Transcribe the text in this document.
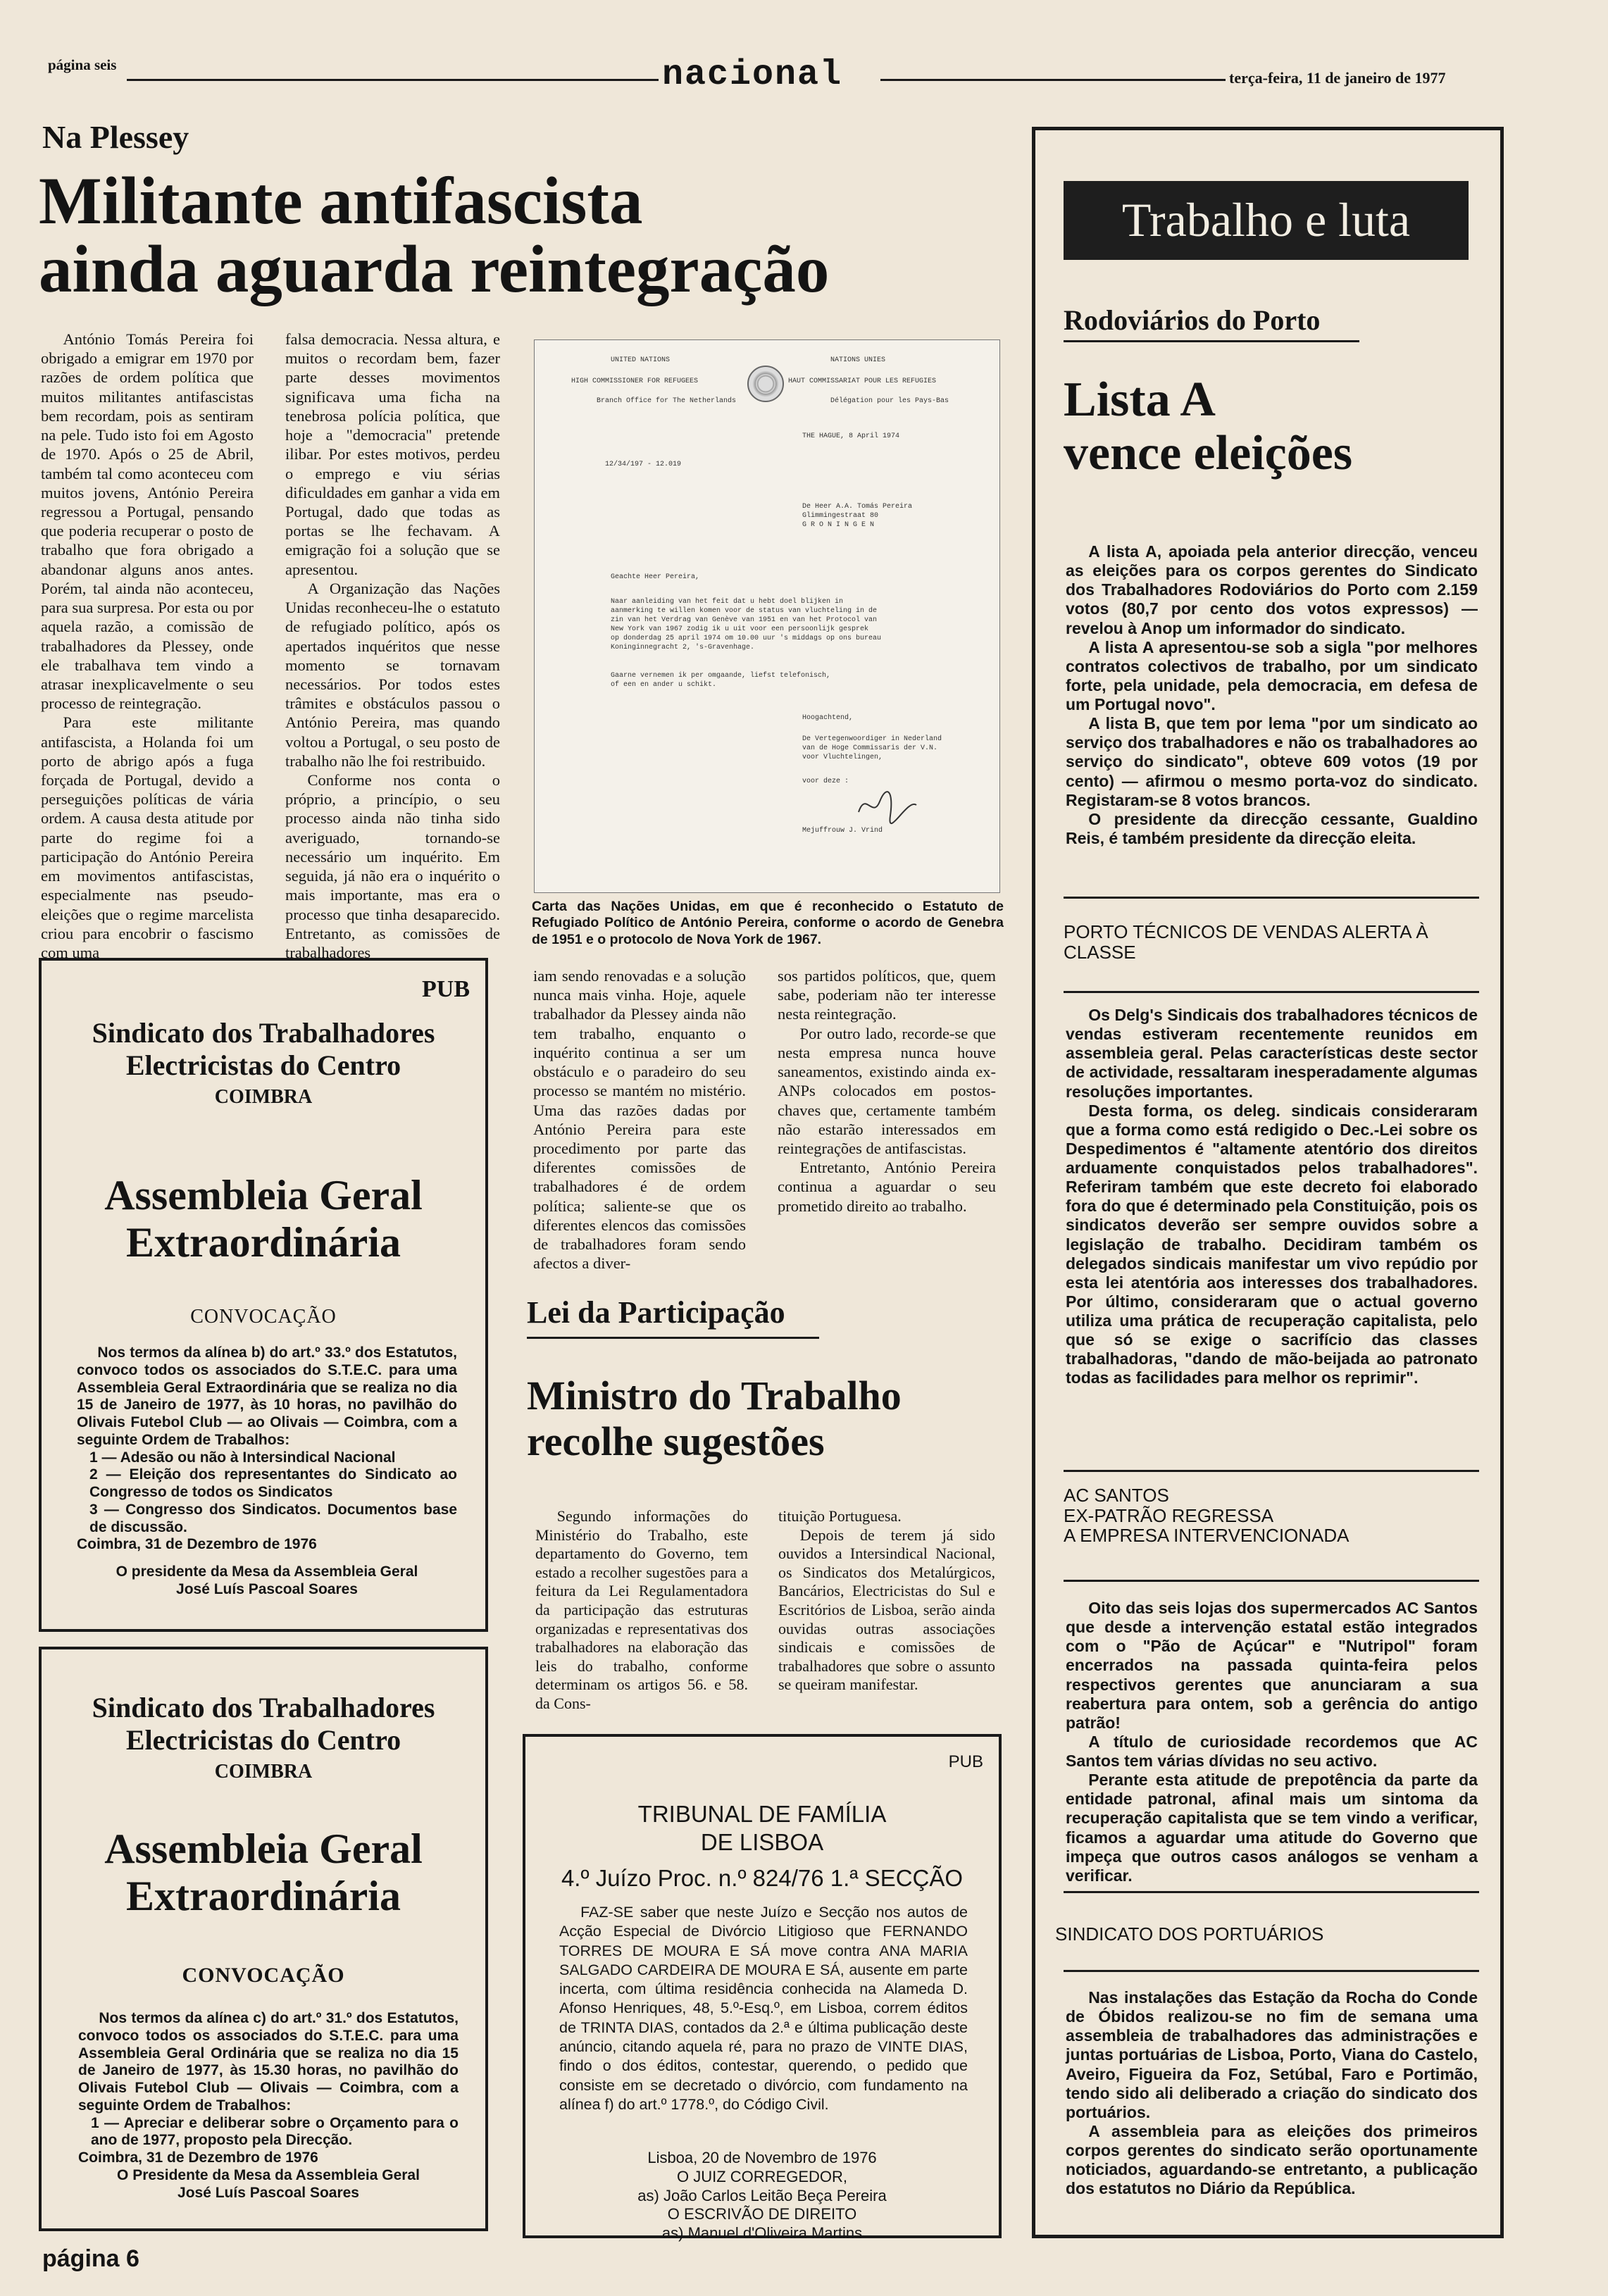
página seis	nacional	terça-feira, 11 de janeiro de 1977
Na Plessey
Militante antifascista
ainda aguarda reintegração

António Tomás Pereira foi obrigado a emigrar em 1970 por razões de ordem política que muitos militantes antifascistas bem recordam, pois as sentiram na pele. Tudo isto foi em Agosto de 1970. Após o 25 de Abril, também tal como aconteceu com muitos jovens, António Pereira regressou a Portugal, pensando que poderia recuperar o posto de trabalho que fora obrigado a abandonar alguns anos antes. Porém, tal ainda não aconteceu, para sua surpresa. Por esta ou por aquela razão, a comissão de trabalhadores da Plessey, onde ele trabalhava tem vindo a atrasar inexplicavelmente o seu processo de reintegração.

Para este militante antifascista, a Holanda foi um porto de abrigo após a fuga forçada de Portugal, devido a perseguições políticas de vária ordem. A causa desta atitude por parte do regime foi a participação do António Pereira em movimentos antifascistas, especialmente nas pseudo-eleições que o regime marcelista criou para encobrir o fascismo com uma

falsa democracia. Nessa altura, e muitos o recordam bem, fazer parte desses movimentos significava uma ficha na tenebrosa polícia política, que hoje a "democracia" pretende ilibar. Por estes motivos, perdeu o emprego e viu sérias dificuldades em ganhar a vida em Portugal, dado que todas as portas se lhe fechavam. A emigração foi a solução que se apresentou.

A Organização das Nações Unidas reconheceu-lhe o estatuto de refugiado político, após os apertados inquéritos que nesse momento se tornavam necessários. Por todos estes trâmites e obstáculos passou o António Pereira, mas quando voltou a Portugal, o seu posto de trabalho não lhe foi restribuido.

Conforme nos conta o próprio, a princípio, o seu processo ainda não tinha sido averiguado, tornando-se necessário um inquérito. Em seguida, já não era o inquérito o mais importante, mas era o processo que tinha desaparecido. Entretanto, as comissões de trabalhadores

UNITED NATIONS	NATIONS UNIES
HIGH COMMISSIONER FOR REFUGEES	HAUT COMMISSARIAT POUR LES REFUGIES
Branch Office for The Netherlands	Délégation pour les Pays-Bas
THE HAGUE, 8 April 1974
12/34/197 - 12.019
De Heer A.A. Tomás Pereira
Glimmingestraat 80
G R O N I N G E N
Geachte Heer Pereira,
Naar aanleiding van het feit dat u hebt doel blijken in
aanmerking te willen komen voor de status van vluchteling in de
zin van het Verdrag van Genève van 1951 en van het Protocol van
New York van 1967 zodig ik u uit voor een persoonlijk gesprek
op donderdag 25 april 1974 om 10.00 uur 's middags op ons bureau
Koninginnegracht 2, 's-Gravenhage.
Gaarne vernemen ik per omgaande, liefst telefonisch,
of een en ander u schikt.
Hoogachtend,
De Vertegenwoordiger in Nederland
van de Hoge Commissaris der V.N.
voor Vluchtelingen,
voor deze :
Mejuffrouw J. Vrind
Carta das Nações Unidas, em que é reconhecido o Estatuto de Refugiado Político de António Pereira, conforme o acordo de Genebra de 1951 e o protocolo de Nova York de 1967.

iam sendo renovadas e a solução nunca mais vinha. Hoje, aquele trabalhador da Plessey ainda não tem trabalho, enquanto o inquérito continua a ser um obstáculo e o paradeiro do seu processo se mantém no mistério. Uma das razões dadas por António Pereira para este procedimento por parte das diferentes comissões de trabalhadores é de ordem política; saliente-se que os diferentes elencos das comissões de trabalhadores foram sendo afectos a diver-

sos partidos políticos, que, quem sabe, poderiam não ter interesse nesta reintegração.

Por outro lado, recorde-se que nesta empresa nunca houve saneamentos, existindo ainda ex-ANPs colocados em postos-chaves que, certamente também não estarão interessados em reintegrações de antifascistas.

Entretanto, António Pereira continua a aguardar o seu prometido direito ao trabalho.

PUB
Sindicato dos Trabalhadores
Electricistas do Centro
COIMBRA
Assembleia Geral
Extraordinária
CONVOCAÇÃO

Nos termos da alínea b) do art.º 33.º dos Estatutos, convoco todos os associados do S.T.E.C. para uma Assembleia Geral Extraordinária que se realiza no dia 15 de Janeiro de 1977, às 10 horas, no pavilhão do Olivais Futebol Club — ao Olivais — Coimbra, com a seguinte Ordem de Trabalhos:

1 — Adesão ou não à Intersindical Nacional
2 — Eleição dos representantes do Sindicato ao Congresso de todos os Sindicatos
3 — Congresso dos Sindicatos. Documentos base de discussão.
Coimbra, 31 de Dezembro de 1976
O presidente da Mesa da Assembleia Geral
José Luís Pascoal Soares
Sindicato dos Trabalhadores
Electricistas do Centro
COIMBRA
Assembleia Geral
Extraordinária
CONVOCAÇÃO

Nos termos da alínea c) do art.º 31.º dos Estatutos, convoco todos os associados do S.T.E.C. para uma Assembleia Geral Ordinária que se realiza no dia 15 de Janeiro de 1977, às 15.30 horas, no pavilhão do Olivais Futebol Club — Olivais — Coimbra, com a seguinte Ordem de Trabalhos:

1 — Apreciar e deliberar sobre o Orçamento para o ano de 1977, proposto pela Direcção.
Coimbra, 31 de Dezembro de 1976
O Presidente da Mesa da Assembleia Geral
José Luís Pascoal Soares
Lei da Participação
Ministro do Trabalho
recolhe sugestões

Segundo informações do Ministério do Trabalho, este departamento do Governo, tem estado a recolher sugestões para a feitura da Lei Regulamentadora da participação das estruturas organizadas e representativas dos trabalhadores na elaboração das leis do trabalho, conforme determinam os artigos 56. e 58. da Cons-

tituição Portuguesa.

Depois de terem já sido ouvidos a Intersindical Nacional, os Sindicatos dos Metalúrgicos, Bancários, Electricistas do Sul e Escritórios de Lisboa, serão ainda ouvidas outras associações sindicais e comissões de trabalhadores que sobre o assunto se queiram manifestar.

PUB
TRIBUNAL DE FAMÍLIA
DE LISBOA
4.º Juízo Proc. n.º 824/76 1.ª SECÇÃO
FAZ-SE saber que neste Juízo e Secção nos autos de Acção Especial de Divórcio Litigioso que FERNANDO TORRES DE MOURA E SÁ move contra ANA MARIA SALGADO CARDEIRA DE MOURA E SÁ, ausente em parte incerta, com última residência conhecida na Alameda D. Afonso Henriques, 48, 5.º-Esq.º, em Lisboa, correm éditos de TRINTA DIAS, contados da 2.ª e última publicação deste anúncio, citando aquela ré, para no prazo de VINTE DIAS, findo o dos éditos, contestar, querendo, o pedido que consiste em se decretado o divórcio, com fundamento na alínea f) do art.º 1778.º, do Código Civil.
Lisboa, 20 de Novembro de 1976
O JUIZ CORREGEDOR,
as) João Carlos Leitão Beça Pereira
O ESCRIVÃO DE DIREITO
as) Manuel d'Oliveira Martins
Trabalho e luta
Rodoviários do Porto
Lista A
vence eleições

A lista A, apoiada pela anterior direcção, venceu as eleições para os corpos gerentes do Sindicato dos Trabalhadores Rodoviários do Porto com 2.159 votos (80,7 por cento dos votos expressos) — revelou à Anop um informador do sindicato.

A lista A apresentou-se sob a sigla "por melhores contratos colectivos de trabalho, por um sindicato forte, pela unidade, pela democracia, em defesa de um Portugal novo".

A lista B, que tem por lema "por um sindicato ao serviço dos trabalhadores e não os trabalhadores ao serviço do sindicato", obteve 609 votos (19 por cento) — afirmou o mesmo porta-voz do sindicato. Registaram-se 8 votos brancos.

O presidente da direcção cessante, Gualdino Reis, é também presidente da direcção eleita.

PORTO TÉCNICOS DE VENDAS ALERTA À CLASSE

Os Delg's Sindicais dos trabalhadores técnicos de vendas estiveram recentemente reunidos em assembleia geral. Pelas características deste sector de actividade, ressaltaram inesperadamente algumas resoluções importantes.

Desta forma, os deleg. sindicais consideraram que a forma como está redigido o Dec.-Lei sobre os Despedimentos é "altamente atentório dos direitos arduamente conquistados pelos trabalhadores". Referiram também que este decreto foi elaborado fora do que é determinado pela Constituição, pois os sindicatos deverão ser sempre ouvidos sobre a legislação de trabalho. Decidiram também os delegados sindicais manifestar um vivo repúdio por esta lei atentória aos interesses dos trabalhadores. Por último, consideraram que o actual governo utiliza uma prática de recuperação capitalista, pelo que só se exige o sacrifício das classes trabalhadoras, "dando de mão-beijada ao patronato todas as facilidades para melhor os reprimir".

AC SANTOS
EX-PATRÃO REGRESSA
A EMPRESA INTERVENCIONADA

Oito das seis lojas dos supermercados AC Santos que desde a intervenção estatal estão integrados com o "Pão de Açúcar" e "Nutripol" foram encerrados na passada quinta-feira pelos respectivos gerentes que anunciaram a sua reabertura para ontem, sob a gerência do antigo patrão!

A título de curiosidade recordemos que AC Santos tem várias dívidas no seu activo.

Perante esta atitude de prepotência da parte da entidade patronal, afinal mais um sintoma da recuperação capitalista que se tem vindo a verificar, ficamos a aguardar uma atitude do Governo que impeça que outros casos análogos se venham a verificar.

SINDICATO DOS PORTUÁRIOS

Nas instalações das Estação da Rocha do Conde de Óbidos realizou-se no fim de semana uma assembleia de trabalhadores das administrações e juntas portuárias de Lisboa, Porto, Viana do Castelo, Aveiro, Figueira da Foz, Setúbal, Faro e Portimão, tendo sido ali deliberado a criação do sindicato dos portuários.

A assembleia para as eleições dos primeiros corpos gerentes do sindicato serão oportunamente noticiados, aguardando-se entretanto, a publicação dos estatutos no Diário da República.

página 6
